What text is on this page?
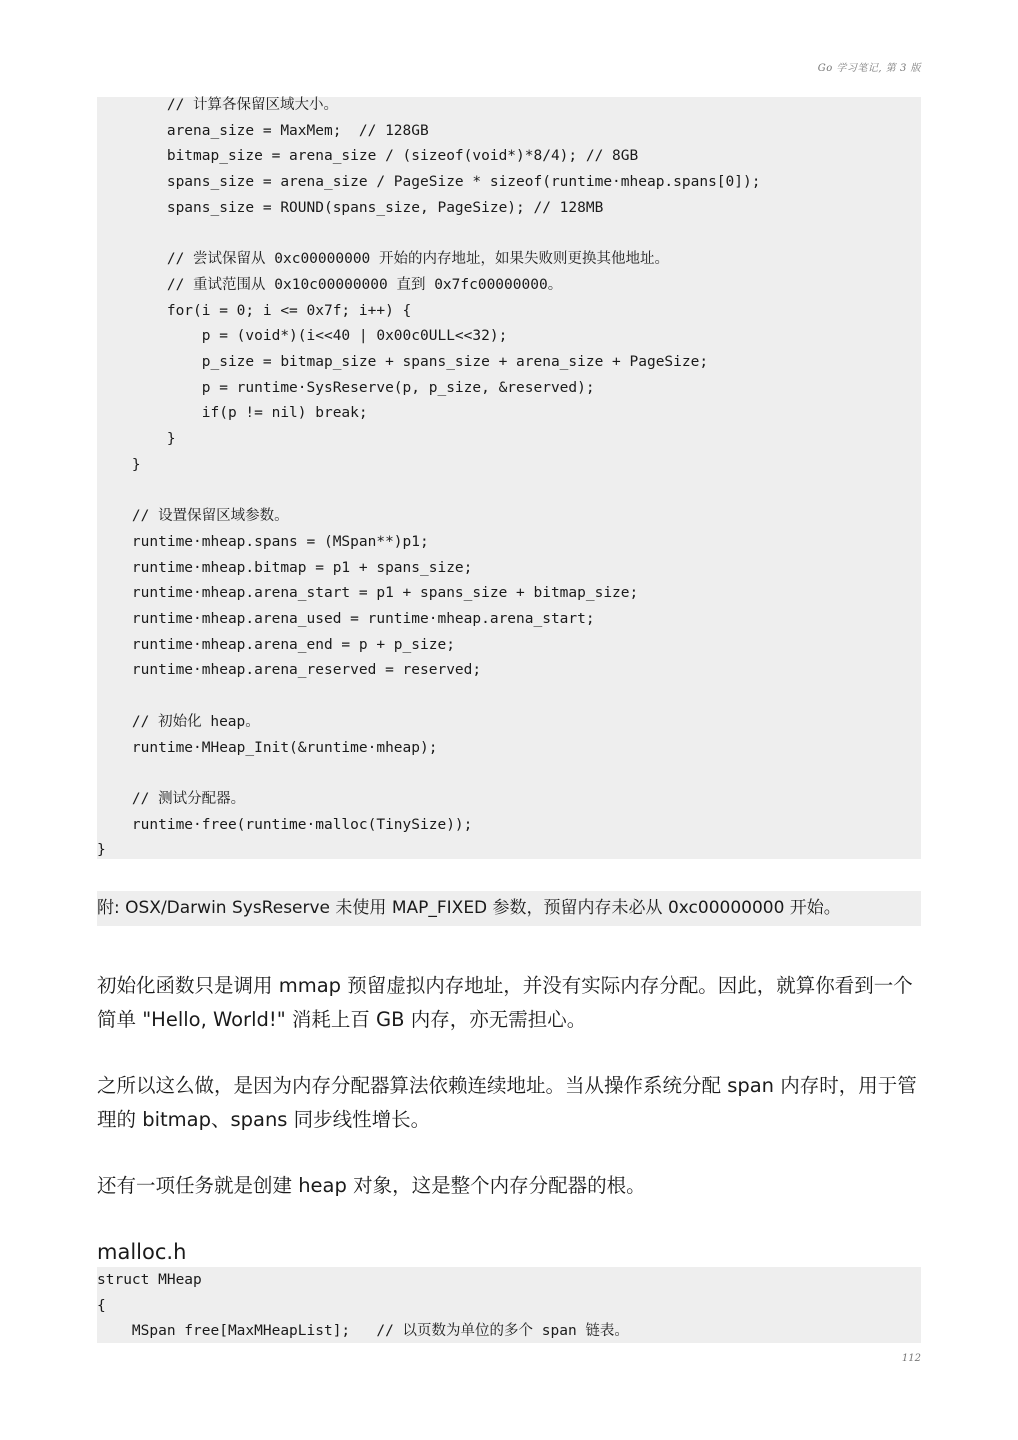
Go 学习笔记, 第 3 版
// 计算各保留区域大小。
arena_size = MaxMem;  // 128GB
bitmap_size = arena_size / (sizeof(void*)*8/4); // 8GB
spans_size = arena_size / PageSize * sizeof(runtime·mheap.spans[0]);
spans_size = ROUND(spans_size, PageSize); // 128MB

// 尝试保留从 0xc00000000 开始的内存地址，如果失败则更换其他地址。
// 重试范围从 0x10c00000000 直到 0x7fc00000000。
for(i = 0; i <= 0x7f; i++) {
p = (void*)(i<<40 | 0x00c0ULL<<32);
p_size = bitmap_size + spans_size + arena_size + PageSize;
p = runtime·SysReserve(p, p_size, &reserved);
if(p != nil) break;
}
}

// 设置保留区域参数。
runtime·mheap.spans = (MSpan**)p1;
runtime·mheap.bitmap = p1 + spans_size;
runtime·mheap.arena_start = p1 + spans_size + bitmap_size;
runtime·mheap.arena_used = runtime·mheap.arena_start;
runtime·mheap.arena_end = p + p_size;
runtime·mheap.arena_reserved = reserved;

// 初始化 heap。
runtime·MHeap_Init(&runtime·mheap);

// 测试分配器。
runtime·free(runtime·malloc(TinySize));
}
附: OSX/Darwin SysReserve 未使用 MAP_FIXED 参数，预留内存未必从 0xc00000000 开始。

初始化函数只是调用 mmap 预留虚拟内存地址，并没有实际内存分配。因此，就算你看到一个简单 "Hello, World!" 消耗上百 GB 内存，亦无需担心。

之所以这么做，是因为内存分配器算法依赖连续地址。当从操作系统分配 span 内存时，用于管理的 bitmap、spans 同步线性增长。

还有一项任务就是创建 heap 对象，这是整个内存分配器的根。

malloc.h
struct MHeap
{
MSpan free[MaxMHeapList];   // 以页数为单位的多个 span 链表。
112
